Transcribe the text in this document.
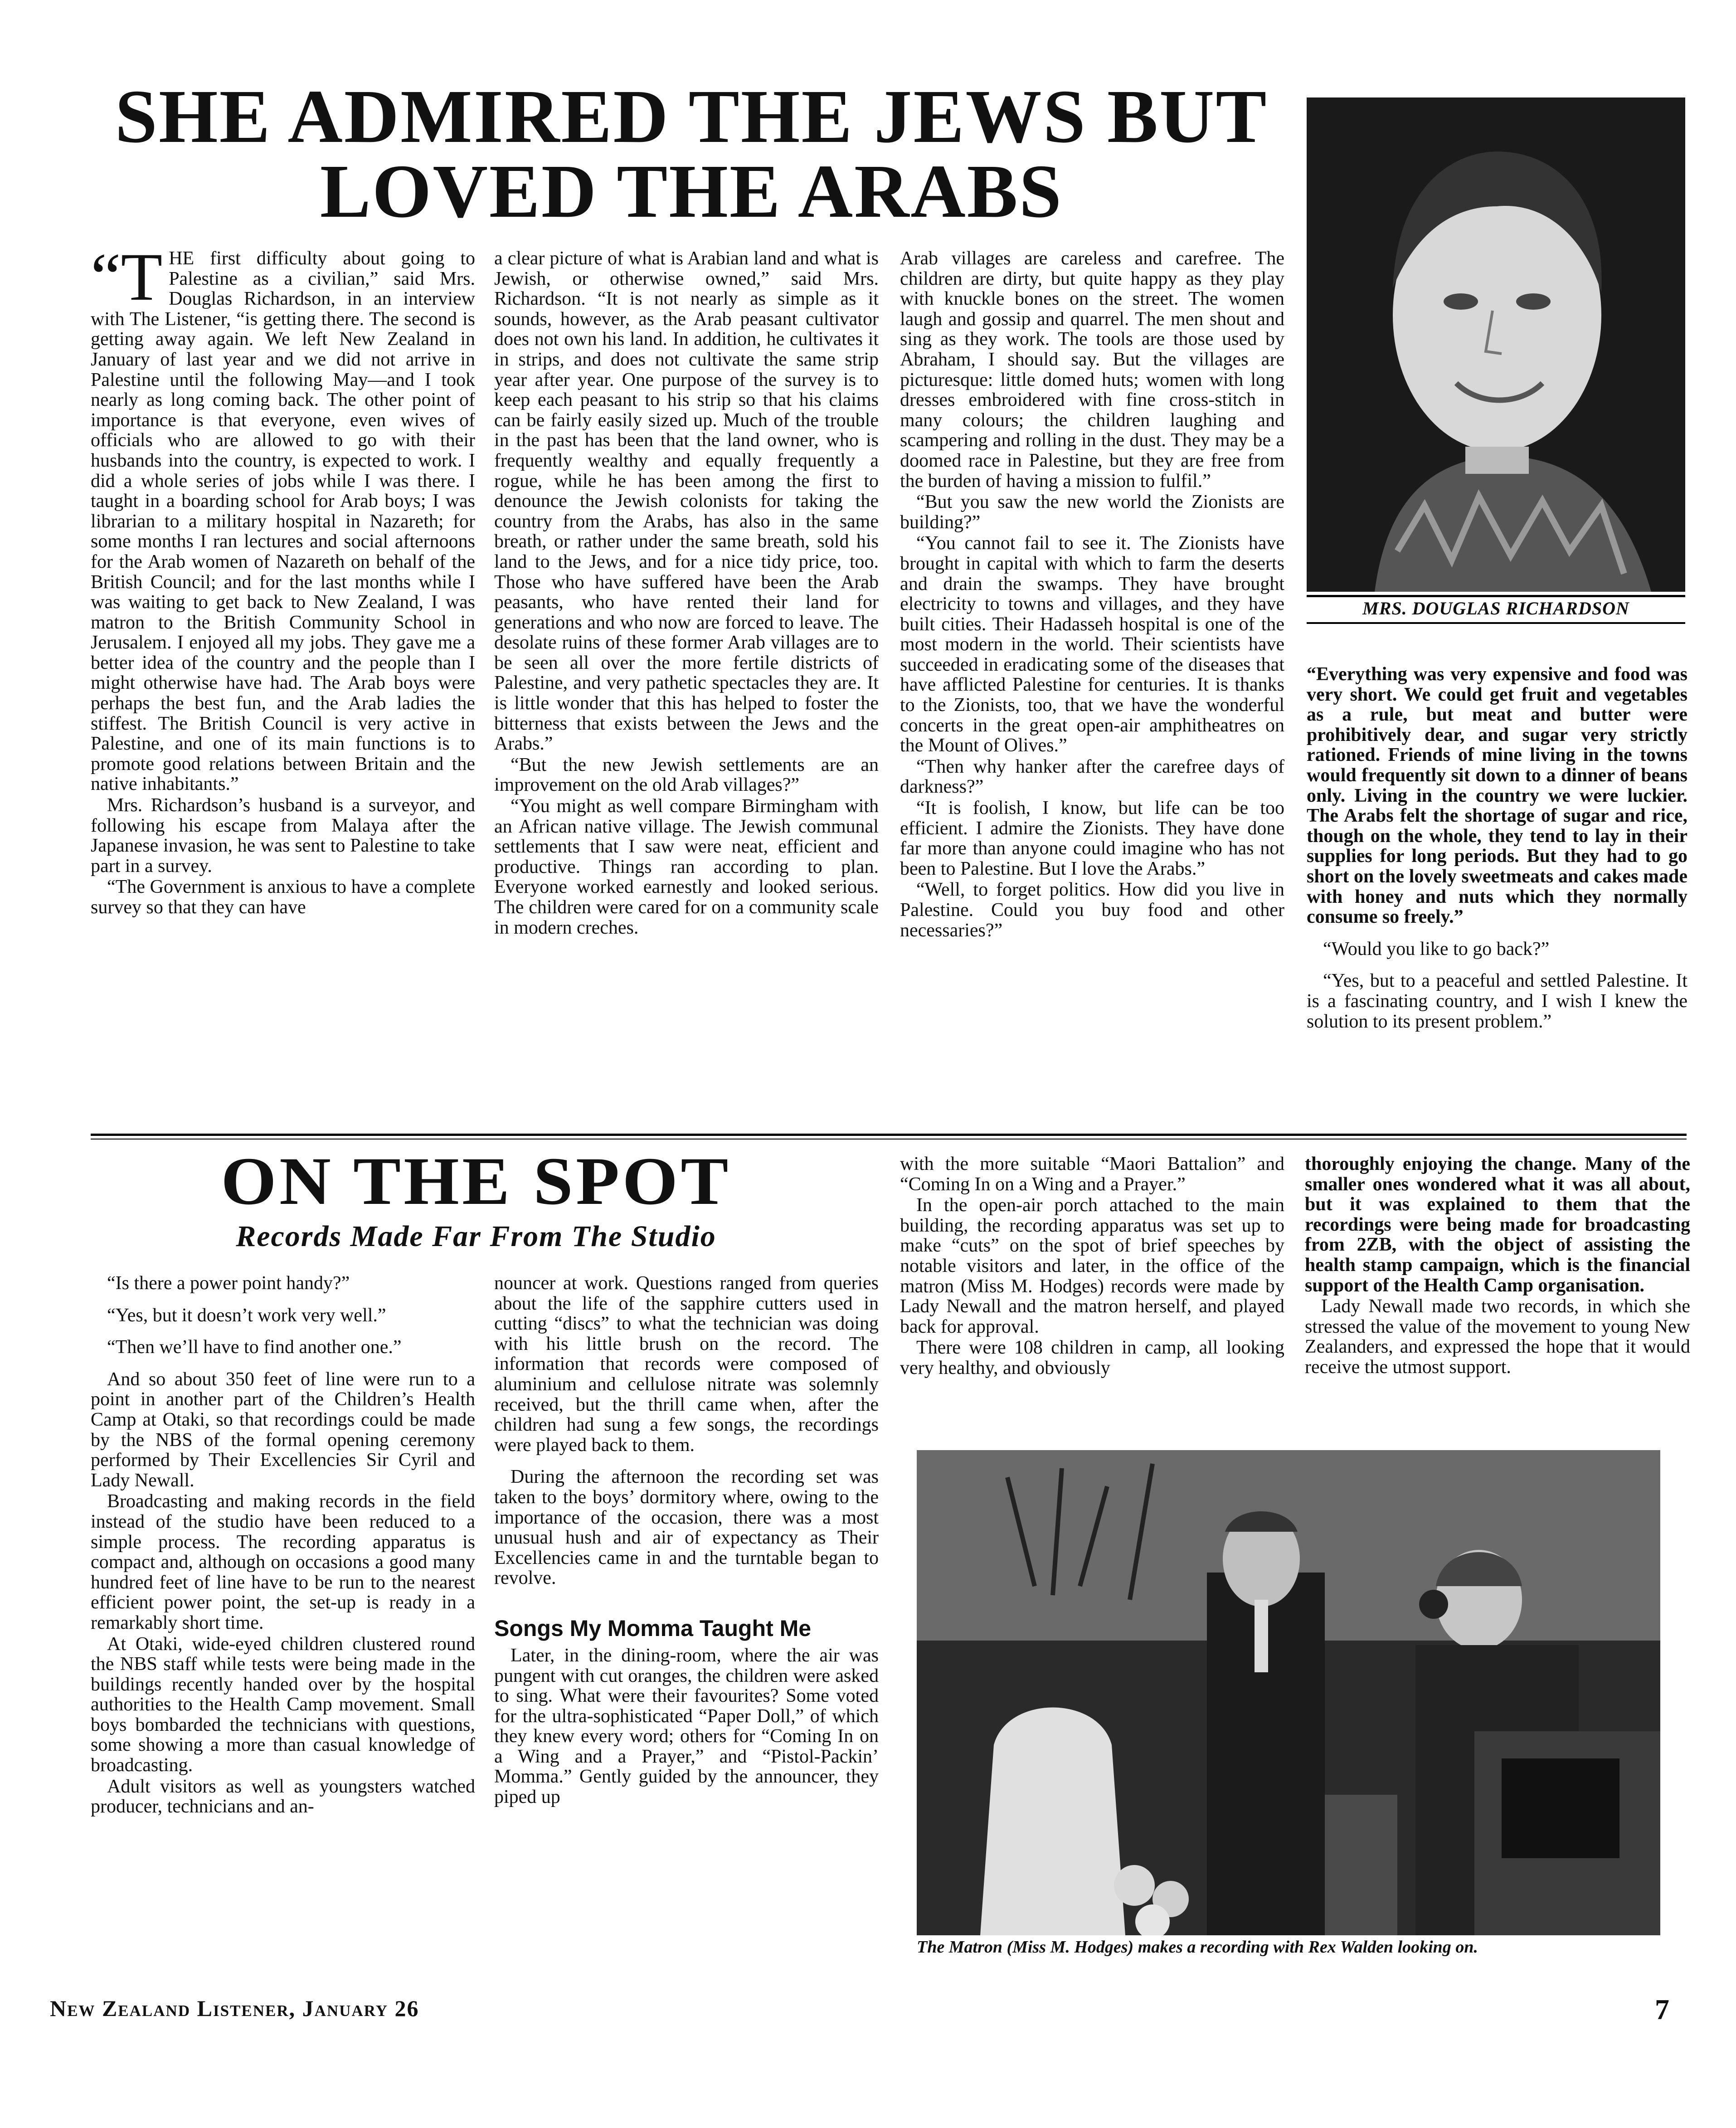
SHE ADMIRED THE JEWS BUT LOVED THE ARABS
“T HE first difficulty about going to Palestine as a civilian,” said Mrs. Douglas Richardson, in an interview with The Listener, “is getting there. The second is getting away again. We left New Zealand in January of last year and we did not arrive in Palestine until the following May—and I took nearly as long coming back. The other point of importance is that everyone, even wives of officials who are allowed to go with their husbands into the country, is expected to work. I did a whole series of jobs while I was there. I taught in a boarding school for Arab boys; I was librarian to a military hospital in Nazareth; for some months I ran lectures and social afternoons for the Arab women of Nazareth on behalf of the British Council; and for the last months while I was waiting to get back to New Zealand, I was matron to the British Community School in Jerusalem. I enjoyed all my jobs. They gave me a better idea of the country and the people than I might otherwise have had. The Arab boys were perhaps the best fun, and the Arab ladies the stiffest. The British Council is very active in Palestine, and one of its main functions is to promote good relations between Britain and the native inhabitants.”

Mrs. Richardson’s husband is a surveyor, and following his escape from Malaya after the Japanese invasion, he was sent to Palestine to take part in a survey.

“The Government is anxious to have a complete survey so that they can have

a clear picture of what is Arabian land and what is Jewish, or otherwise owned,” said Mrs. Richardson. “It is not nearly as simple as it sounds, however, as the Arab peasant cultivator does not own his land. In addition, he cultivates it in strips, and does not cultivate the same strip year after year. One purpose of the survey is to keep each peasant to his strip so that his claims can be fairly easily sized up. Much of the trouble in the past has been that the land owner, who is frequently wealthy and equally frequently a rogue, while he has been among the first to denounce the Jewish colonists for taking the country from the Arabs, has also in the same breath, or rather under the same breath, sold his land to the Jews, and for a nice tidy price, too. Those who have suffered have been the Arab peasants, who have rented their land for generations and who now are forced to leave. The desolate ruins of these former Arab villages are to be seen all over the more fertile districts of Palestine, and very pathetic spectacles they are. It is little wonder that this has helped to foster the bitterness that exists between the Jews and the Arabs.”

“But the new Jewish settlements are an improvement on the old Arab villages?”

“You might as well compare Birmingham with an African native village. The Jewish communal settlements that I saw were neat, efficient and productive. Things ran according to plan. Everyone worked earnestly and looked serious. The children were cared for on a community scale in modern creches.

Arab villages are careless and carefree. The children are dirty, but quite happy as they play with knuckle bones on the street. The women laugh and gossip and quarrel. The men shout and sing as they work. The tools are those used by Abraham, I should say. But the villages are picturesque: little domed huts; women with long dresses embroidered with fine cross-stitch in many colours; the children laughing and scampering and rolling in the dust. They may be a doomed race in Palestine, but they are free from the burden of having a mission to fulfil.”

“But you saw the new world the Zionists are building?”

“You cannot fail to see it. The Zionists have brought in capital with which to farm the deserts and drain the swamps. They have brought electricity to towns and villages, and they have built cities. Their Hadasseh hospital is one of the most modern in the world. Their scientists have succeeded in eradicating some of the diseases that have afflicted Palestine for centuries. It is thanks to the Zionists, too, that we have the wonderful concerts in the great open-air amphitheatres on the Mount of Olives.”

“Then why hanker after the carefree days of darkness?”

“It is foolish, I know, but life can be too efficient. I admire the Zionists. They have done far more than anyone could imagine who has not been to Palestine. But I love the Arabs.”

“Well, to forget politics. How did you live in Palestine. Could you buy food and other necessaries?”

MRS. DOUGLAS RICHARDSON

“Everything was very expensive and food was very short. We could get fruit and vegetables as a rule, but meat and butter were prohibitively dear, and sugar very strictly rationed. Friends of mine living in the towns would frequently sit down to a dinner of beans only. Living in the country we were luckier. The Arabs felt the shortage of sugar and rice, though on the whole, they tend to lay in their supplies for long periods. But they had to go short on the lovely sweetmeats and cakes made with honey and nuts which they normally consume so freely.”

“Would you like to go back?”

“Yes, but to a peaceful and settled Palestine. It is a fascinating country, and I wish I knew the solution to its present problem.”

ON THE SPOT

Records Made Far From The Studio

“Is there a power point handy?”

“Yes, but it doesn’t work very well.”

“Then we’ll have to find another one.”

And so about 350 feet of line were run to a point in another part of the Children’s Health Camp at Otaki, so that recordings could be made by the NBS of the formal opening ceremony performed by Their Excellencies Sir Cyril and Lady Newall.

Broadcasting and making records in the field instead of the studio have been reduced to a simple process. The recording apparatus is compact and, although on occasions a good many hundred feet of line have to be run to the nearest efficient power point, the set-up is ready in a remarkably short time.

At Otaki, wide-eyed children clustered round the NBS staff while tests were being made in the buildings recently handed over by the hospital authorities to the Health Camp movement. Small boys bombarded the technicians with questions, some showing a more than casual knowledge of broadcasting.

Adult visitors as well as youngsters watched producer, technicians and an-

nouncer at work. Questions ranged from queries about the life of the sapphire cutters used in cutting “discs” to what the technician was doing with his little brush on the record. The information that records were composed of aluminium and cellulose nitrate was solemnly received, but the thrill came when, after the children had sung a few songs, the recordings were played back to them.

During the afternoon the recording set was taken to the boys’ dormitory where, owing to the importance of the occasion, there was a most unusual hush and air of expectancy as Their Excellencies came in and the turntable began to revolve.

Songs My Momma Taught Me

Later, in the dining-room, where the air was pungent with cut oranges, the children were asked to sing. What were their favourites? Some voted for the ultra-sophisticated “Paper Doll,” of which they knew every word; others for “Coming In on a Wing and a Prayer,” and “Pistol-Packin’ Momma.” Gently guided by the announcer, they piped up

with the more suitable “Maori Battalion” and “Coming In on a Wing and a Prayer.”

In the open-air porch attached to the main building, the recording apparatus was set up to make “cuts” on the spot of brief speeches by notable visitors and later, in the office of the matron (Miss M. Hodges) records were made by Lady Newall and the matron herself, and played back for approval.

There were 108 children in camp, all looking very healthy, and obviously

thoroughly enjoying the change. Many of the smaller ones wondered what it was all about, but it was explained to them that the recordings were being made for broadcasting from 2ZB, with the object of assisting the health stamp campaign, which is the financial support of the Health Camp organisation.

Lady Newall made two records, in which she stressed the value of the movement to young New Zealanders, and expressed the hope that it would receive the utmost support.

The Matron (Miss M. Hodges) makes a recording with Rex Walden looking on.

New Zealand Listener, January 26	7
